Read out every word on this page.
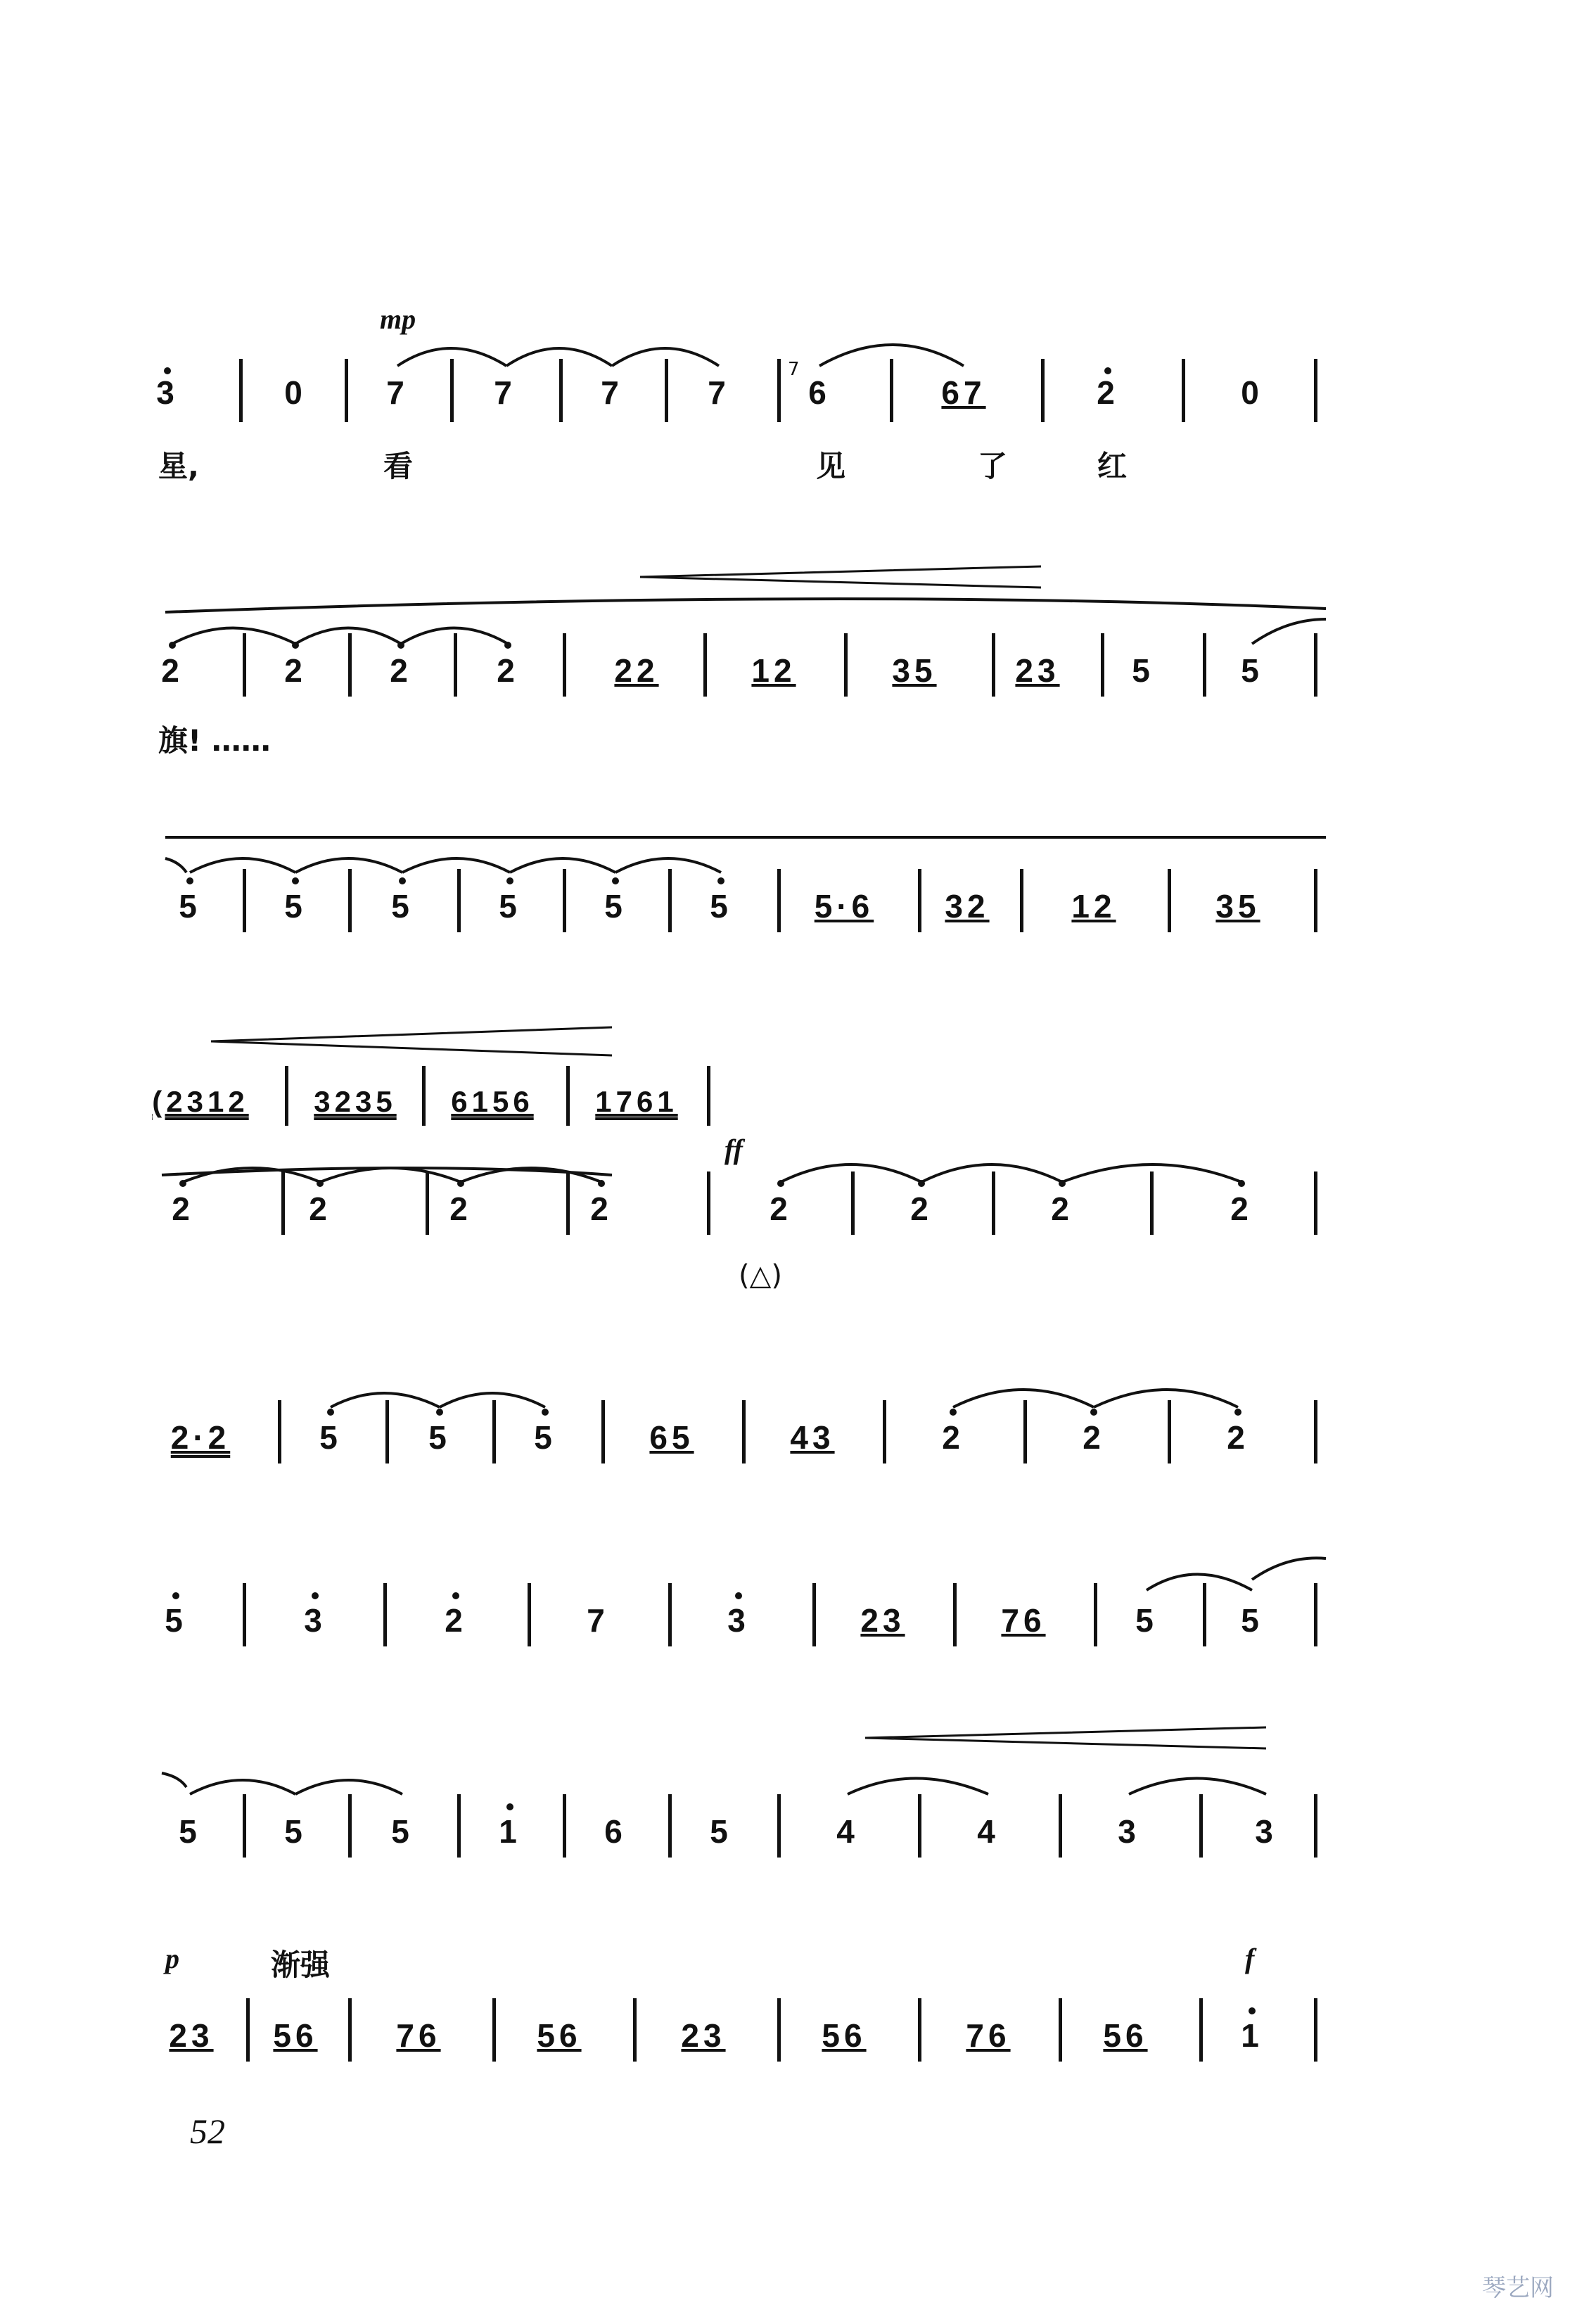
mp
3	0 7	7	7	7
7
6	67	2	0
星,	看	见	了	红
2	2	2	2	22	12	35 23 5	5
旗! ……
5	5	5	5	5	5	5·6 32	12	35
(2312 3235 6156 1761
ff
2	2	2	2	2	2	2	2
(△)
2·2	5	5	5	65	43	2	2	2
5	3	2	7	3	23	76	5	5
5	5	5	1	6	5	4	4	3	3
p	渐强	f
23 56 76	56	23	56	76	56	1
52
琴艺网
